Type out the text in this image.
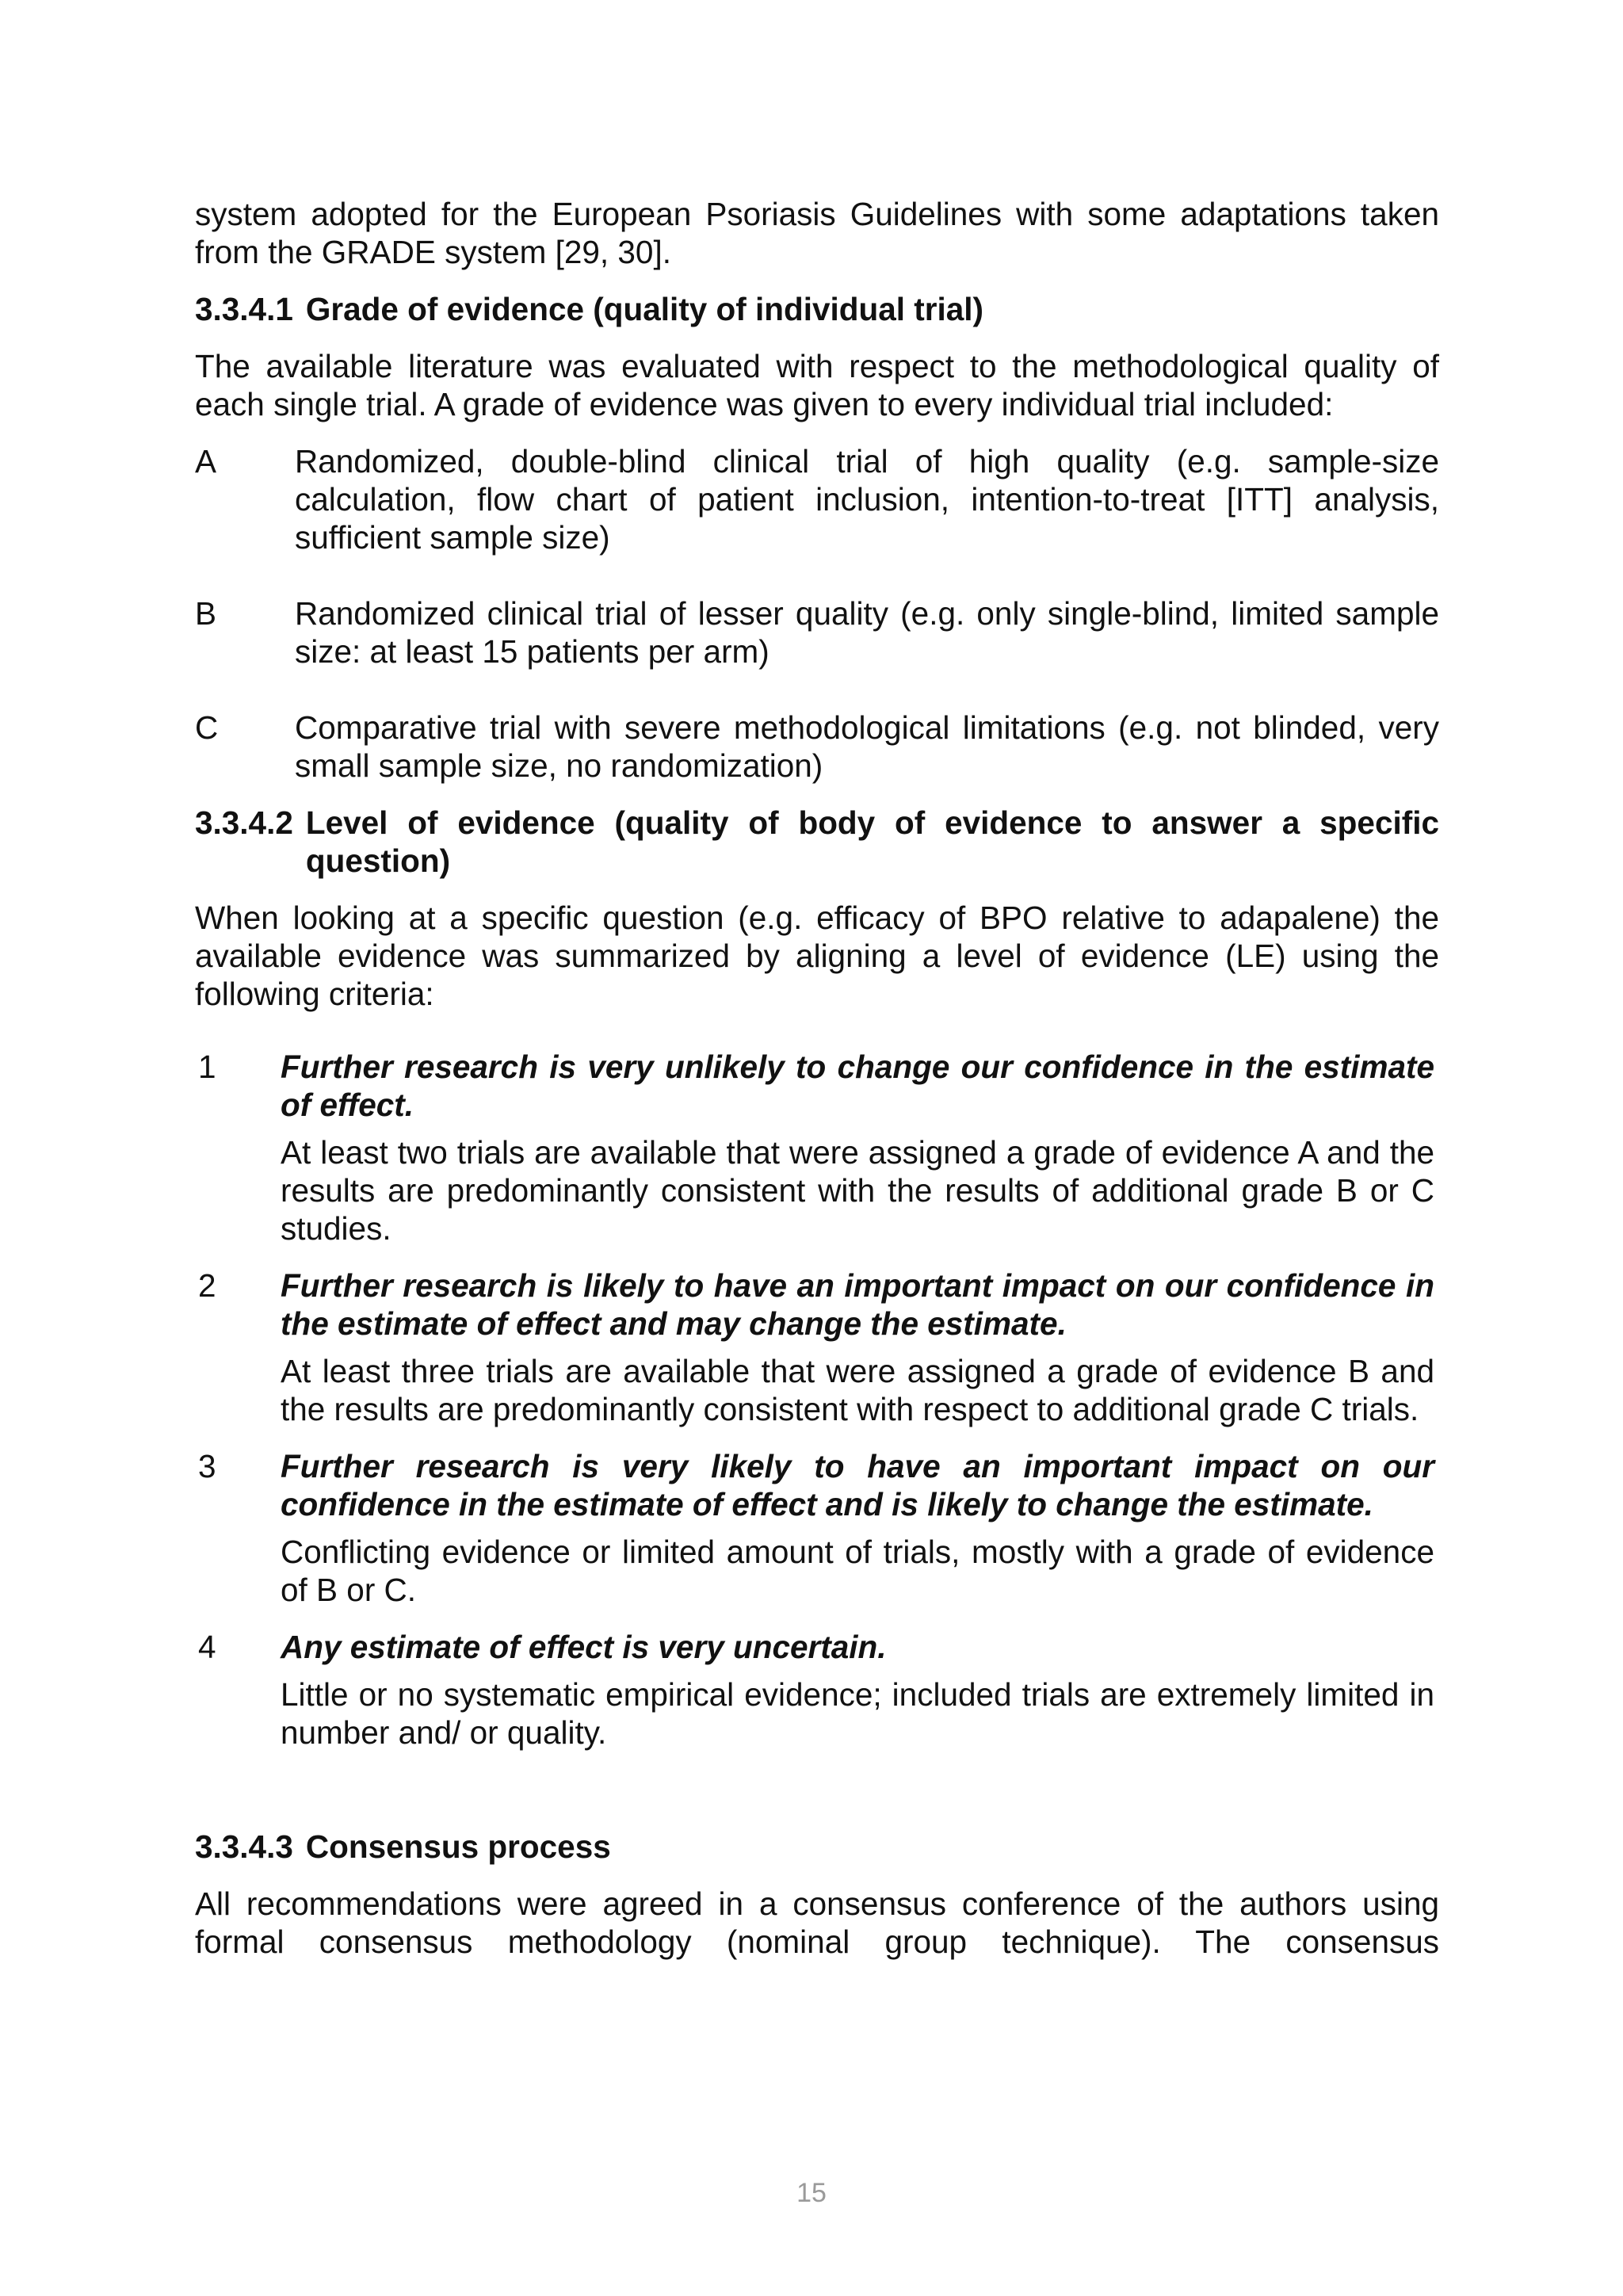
system adopted for the European Psoriasis Guidelines with some adaptations taken from the GRADE system [29, 30].

3.3.4.1 Grade of evidence (quality of individual trial)

The available literature was evaluated with respect to the methodological quality of each single trial. A grade of evidence was given to every individual trial included:

A	Randomized, double-blind clinical trial of high quality (e.g. sample-size calculation, flow chart of patient inclusion, intention-to-treat [ITT] analysis, sufficient sample size)
B	Randomized clinical trial of lesser quality (e.g. only single-blind, limited sample size: at least 15 patients per arm)
C	Comparative trial with severe methodological limitations (e.g. not blinded, very small sample size, no randomization)
3.3.4.2 Level of evidence (quality of body of evidence to answer a specific question)

When looking at a specific question (e.g. efficacy of BPO relative to adapalene) the available evidence was summarized by aligning a level of evidence (LE) using the following criteria:

1	Further research is very unlikely to change our confidence in the estimate of effect.

At least two trials are available that were assigned a grade of evidence A and the results are predominantly consistent with the results of additional grade B or C studies.

2	Further research is likely to have an important impact on our confidence in the estimate of effect and may change the estimate.

At least three trials are available that were assigned a grade of evidence B and the results are predominantly consistent with respect to additional grade C trials.

3	Further research is very likely to have an important impact on our confidence in the estimate of effect and is likely to change the estimate.

Conflicting evidence or limited amount of trials, mostly with a grade of evidence of B or C.

4	Any estimate of effect is very uncertain.

Little or no systematic empirical evidence; included trials are extremely limited in number and/ or quality.

3.3.4.3 Consensus process

All recommendations were agreed in a consensus conference of the authors using formal consensus methodology (nominal group technique). The consensus

15
